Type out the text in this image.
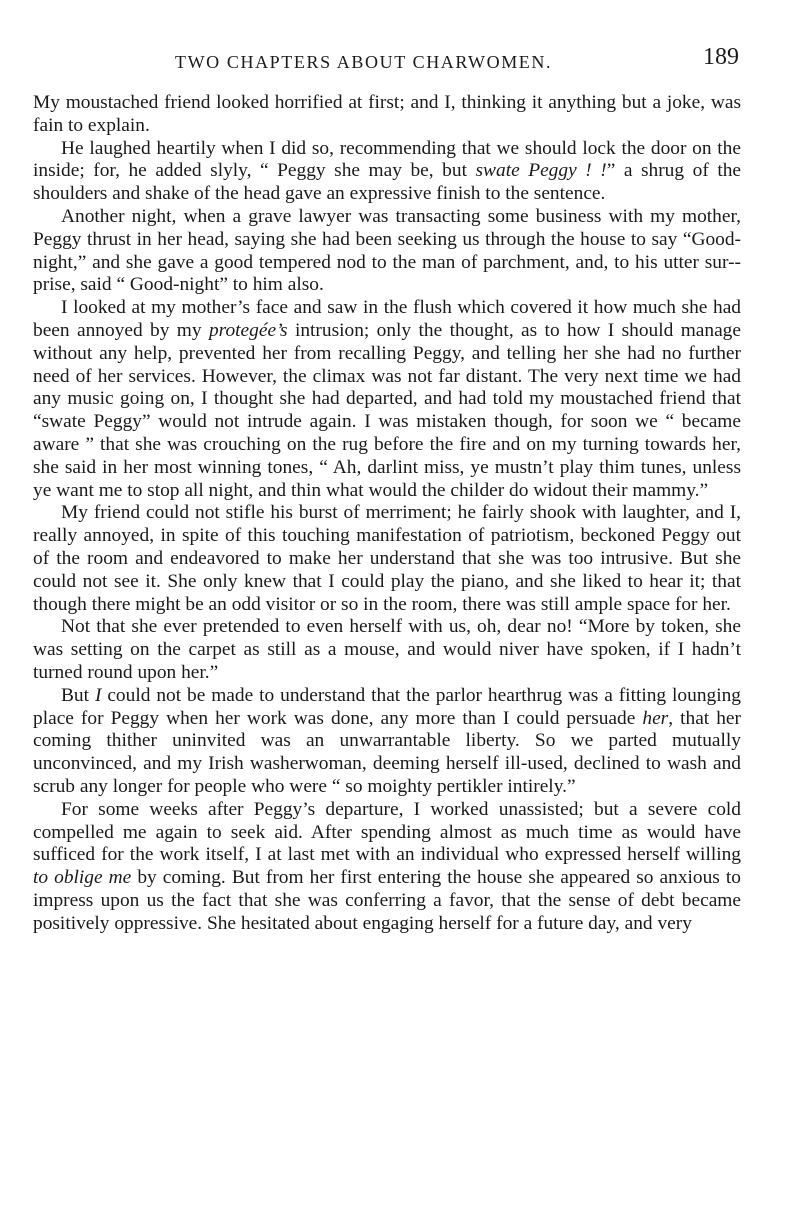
TWO CHAPTERS ABOUT CHARWOMEN.	189

My moustached friend looked horrified at first; and I, thinking it anything but a joke, was fain to explain.

He laughed heartily when I did so, recommending that we should lock the door on the inside; for, he added slyly, “ Peggy she may be, but swate Peggy ! !” a shrug of the shoulders and shake of the head gave an expressive finish to the sentence.

Another night, when a grave lawyer was transacting some business with my mother, Peggy thrust in her head, saying she had been seeking us through the house to say “Good-night,” and she gave a good tempered nod to the man of parchment, and, to his utter sur-prise, said “ Good-night” to him also.

I looked at my mother’s face and saw in the flush which covered it how much she had been annoyed by my protegée’s intrusion; only the thought, as to how I should manage without any help, prevented her from recalling Peggy, and telling her she had no further need of her services. However, the climax was not far distant. The very next time we had any music going on, I thought she had departed, and had told my moustached friend that “swate Peggy” would not intrude again. I was mistaken though, for soon we “ became aware ” that she was crouching on the rug before the fire and on my turning towards her, she said in her most winning tones, “ Ah, darlint miss, ye mustn’t play thim tunes, unless ye want me to stop all night, and thin what would the childer do widout their mammy.”

My friend could not stifle his burst of merriment; he fairly shook with laughter, and I, really annoyed, in spite of this touching manifestation of patriotism, beckoned Peggy out of the room and endeavored to make her understand that she was too intrusive. But she could not see it. She only knew that I could play the piano, and she liked to hear it; that though there might be an odd visitor or so in the room, there was still ample space for her.

Not that she ever pretended to even herself with us, oh, dear no! “More by token, she was setting on the carpet as still as a mouse, and would niver have spoken, if I hadn’t turned round upon her.”

But I could not be made to understand that the parlor hearthrug was a fitting lounging place for Peggy when her work was done, any more than I could persuade her, that her coming thither uninvited was an unwarrantable liberty. So we parted mutually unconvinced, and my Irish washerwoman, deeming herself ill-used, declined to wash and scrub any longer for people who were “ so moighty pertikler intirely.”

For some weeks after Peggy’s departure, I worked unassisted; but a severe cold compelled me again to seek aid. After spending almost as much time as would have sufficed for the work itself, I at last met with an individual who expressed herself willing to oblige me by coming. But from her first entering the house she appeared so anxious to impress upon us the fact that she was conferring a favor, that the sense of debt became positively oppressive. She hesitated about engaging herself for a future day, and very
